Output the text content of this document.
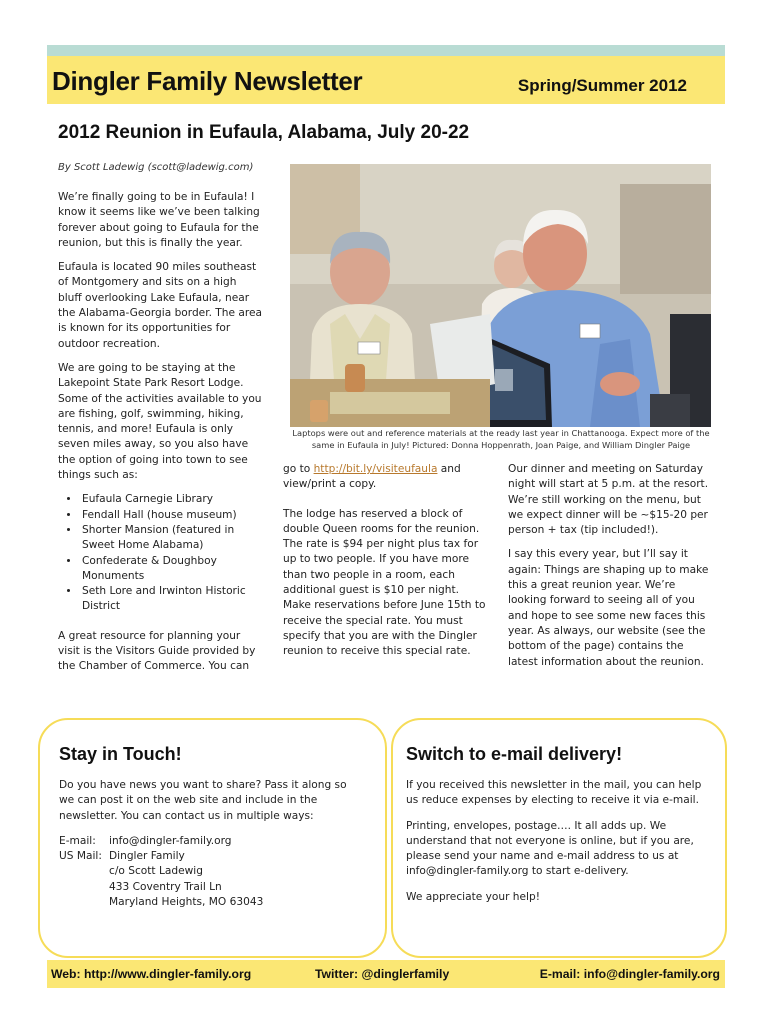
Dingler Family Newsletter	Spring/Summer 2012
2012 Reunion in Eufaula, Alabama, July 20-22
By Scott Ladewig (scott@ladewig.com)

We’re finally going to be in Eufaula! I know it seems like we’ve been talking forever about going to Eufaula for the reunion, but this is finally the year.

Eufaula is located 90 miles southeast of Montgomery and sits on a high bluff overlooking Lake Eufaula, near the Alabama-Georgia border. The area is known for its opportunities for outdoor recreation.

We are going to be staying at the Lakepoint State Park Resort Lodge. Some of the activities available to you are fishing, golf, swimming, hiking, tennis, and more! Eufaula is only seven miles away, so you also have the option of going into town to see things such as:

• Eufaula Carnegie Library
• Fendall Hall (house museum)
• Shorter Mansion (featured in Sweet Home Alabama)
• Confederate & Doughboy Monuments
• Seth Lore and Irwinton Historic District

A great resource for planning your visit is the Visitors Guide provided by the Chamber of Commerce. You can

Laptops were out and reference materials at the ready last year in Chattanooga. Expect more of the same in Eufaula in July! Pictured: Donna Hoppenrath, Joan Paige, and William Dingler Paige

go to http://bit.ly/visiteufaula and view/print a copy.

The lodge has reserved a block of double Queen rooms for the reunion. The rate is $94 per night plus tax for up to two people. If you have more than two people in a room, each additional guest is $10 per night. Make reservations before June 15th to receive the special rate. You must specify that you are with the Dingler reunion to receive this special rate.

Our dinner and meeting on Saturday night will start at 5 p.m. at the resort. We’re still working on the menu, but we expect dinner will be ~$15-20 per person + tax (tip included!).

I say this every year, but I’ll say it again: Things are shaping up to make this a great reunion year. We’re looking forward to seeing all of you and hope to see some new faces this year. As always, our website (see the bottom of the page) contains the latest information about the reunion.

Stay in Touch!

Do you have news you want to share? Pass it along so we can post it on the web site and include in the newsletter. You can contact us in multiple ways:

E-mail:	info@dingler-family.org
US Mail: Dingler Family
c/o Scott Ladewig
433 Coventry Trail Ln
Maryland Heights, MO 63043
Switch to e-mail delivery!

If you received this newsletter in the mail, you can help us reduce expenses by electing to receive it via e-mail.

Printing, envelopes, postage…. It all adds up. We understand that not everyone is online, but if you are, please send your name and e-mail address to us at info@dingler-family.org to start e-delivery.

We appreciate your help!

Web: http://www.dingler-family.org	Twitter: @dinglerfamily	E-mail: info@dingler-family.org
